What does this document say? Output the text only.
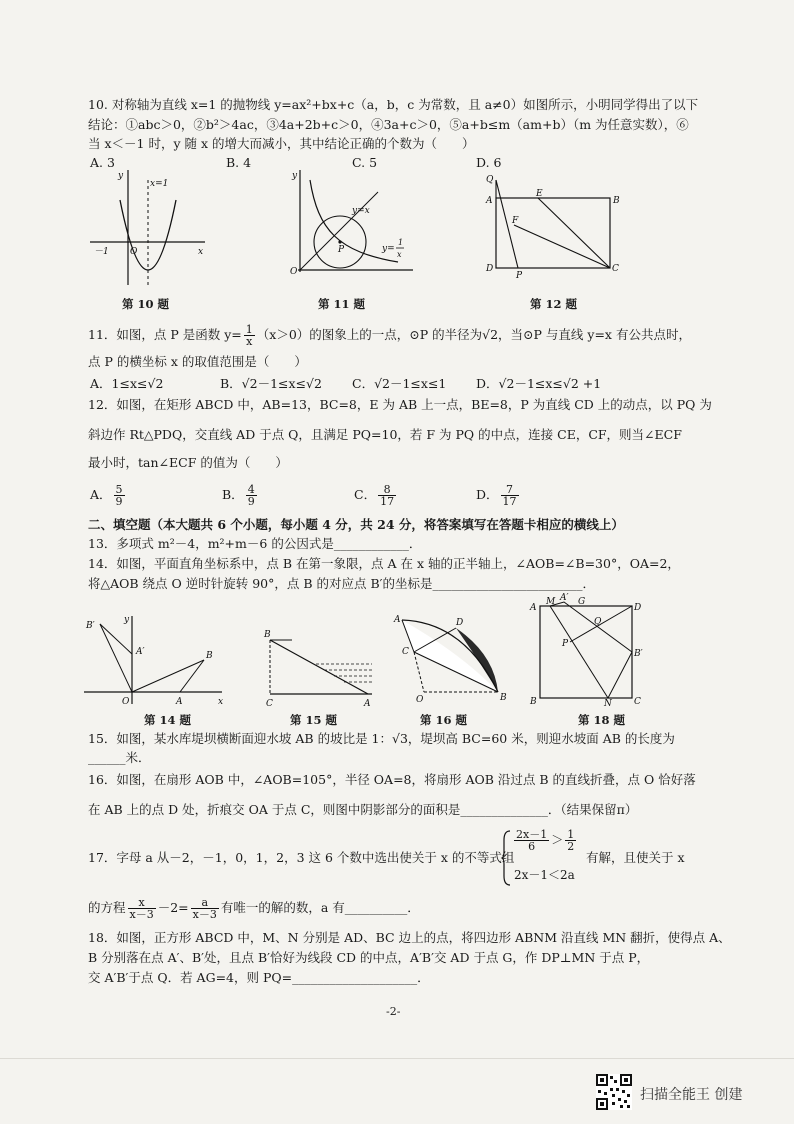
10. 对称轴为直线 x=1 的抛物线 y=ax²+bx+c（a，b，c 为常数，且 a≠0）如图所示，小明同学得出了以下
结论：①abc＞0，②b²＞4ac，③4a+2b+c＞0，④3a+c＞0，⑤a+b≤m（am+b）（m 为任意实数），⑥
当 x＜－1 时，y 随 x 的增大而减小，其中结论正确的个数为（　　）
A. 3	B. 4	C. 5	D. 6
y
x=1
－1 O	x
第 10 题
y
y=x
P
O
y=
1
x
第 11 题
Q
E
A	B
F
D
P
C
第 12 题
11．如图，点 P 是函数 $y= \frac{1}{x} (x>0)$的图象上的一点，⊙P 的半径为√2，当⊙P 与直线 y=x 有公共点时，
点 P 的横坐标 x 的取值范围是（　　）
A．1≤x≤√2	B．√2－1≤x≤√2 C．√2－1≤x≤1 D．√2－1≤x≤√2 +1
12．如图，在矩形 ABCD 中，AB=13，BC=8，E 为 AB 上一点，BE=8，P 为直线 CD 上的动点，以 PQ 为
斜边作 Rt△PDQ，交直线 AD 于点 Q，且满足 PQ=10，若 F 为 PQ 的中点，连接 CE，CF，则当∠ECF
最小时，tan∠ECF 的值为（　　）
A． $\frac{5}{9}$	B． $\frac{4}{9}$	C． $\frac{8}{17}$	D． $\frac{7}{17}$
二、填空题（本大题共 6 个小题，每小题 4 分，共 24 分，将答案填写在答题卡相应的横线上）
13．多项式 m²－4，m²+m－6 的公因式是____________．
14．如图，平面直角坐标系中，点 B 在第一象限，点 A 在 x 轴的正半轴上，∠AOB=∠B=30°，OA=2，
将△AOB 绕点 O 逆时针旋转 90°，点 B 的对应点 B′的坐标是________________________．
B′
y
A′	B
O	A	x
第 14 题
B
C	A
第 15 题
A	D
C
O	B
第 16 题
A
M A′ G
D
Q
P
B′
B	N C
第 18 题
15．如图，某水库堤坝横断面迎水坡 AB 的坡比是 1：√3，堤坝高 BC=60 米，则迎水坡面 AB 的长度为
______米．
16．如图，在扇形 AOB 中，∠AOB=105°，半径 OA=8，将扇形 AOB 沿过点 B 的直线折叠，点 O 恰好落
在 AB 上的点 D 处，折痕交 OA 于点 C，则图中阴影部分的面积是______________．（结果保留π）
17．字母 a 从－2，－1，0，1，2，3 这 6 个数中选出使关于 x 的不等式组
$\frac{2x-1}{6} > \frac{1}{2}$
2x－1＜2a
有解，且使关于 x
的方程 $\frac{x}{x-3} -2= \frac{a}{x-3}$ 有唯一的解的数，a 有__________．
18．如图，正方形 ABCD 中，M、N 分别是 AD、BC 边上的点，将四边形 ABNM 沿直线 MN 翻折，使得点 A、
B 分别落在点 A′、B′处，且点 B′恰好为线段 CD 的中点，A′B′交 AD 于点 G，作 DP⊥MN 于点 P，
交 A′B′于点 Q．若 AG=4，则 PQ=____________________．
-2-
扫描全能王 创建
